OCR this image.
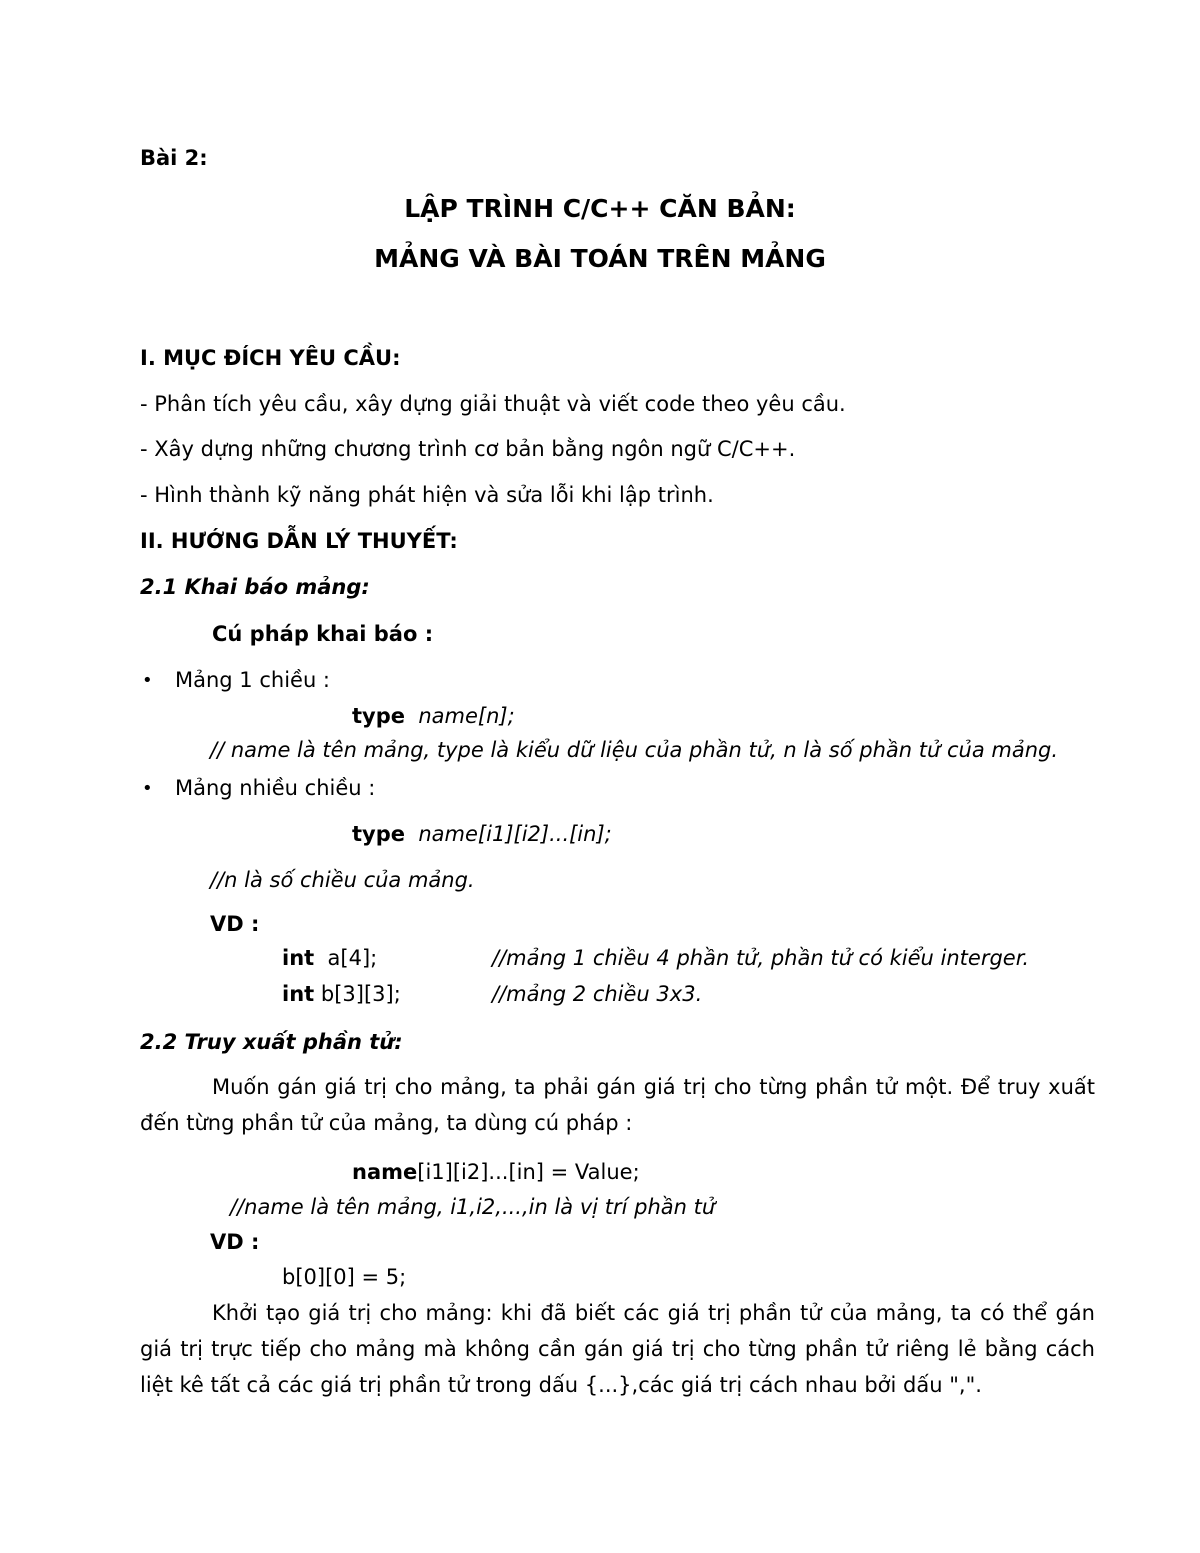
Bài 2:
LẬP TRÌNH C/C++ CĂN BẢN:
MẢNG VÀ BÀI TOÁN TRÊN MẢNG
I. MỤC ĐÍCH YÊU CẦU:
- Phân tích yêu cầu, xây dựng giải thuật và viết code theo yêu cầu.
- Xây dựng những chương trình cơ bản bằng ngôn ngữ C/C++.
- Hình thành kỹ năng phát hiện và sửa lỗi khi lập trình.
II. HƯỚNG DẪN LÝ THUYẾT:
2.1 Khai báo mảng:
Cú pháp khai báo :
• Mảng 1 chiều :
type name[n];
// name là tên mảng, type là kiểu dữ liệu của phần tử, n là số phần tử của mảng.
• Mảng nhiều chiều :
type name[i1][i2]...[in];
//n là số chiều của mảng.
VD :
int a[4];	//mảng 1 chiều 4 phần tử, phần tử có kiểu interger.
int b[3][3];	//mảng 2 chiều 3x3.
2.2 Truy xuất phần tử:
Muốn gán giá trị cho mảng, ta phải gán giá trị cho từng phần tử một. Để truy xuất
đến từng phần tử của mảng, ta dùng cú pháp :
name[i1][i2]...[in] = Value;
//name là tên mảng, i1,i2,...,in là vị trí phần tử
VD :
b[0][0] = 5;
Khởi tạo giá trị cho mảng: khi đã biết các giá trị phần tử của mảng, ta có thể gán
giá trị trực tiếp cho mảng mà không cần gán giá trị cho từng phần tử riêng lẻ bằng cách
liệt kê tất cả các giá trị phần tử trong dấu {...},các giá trị cách nhau bởi dấu ",".
